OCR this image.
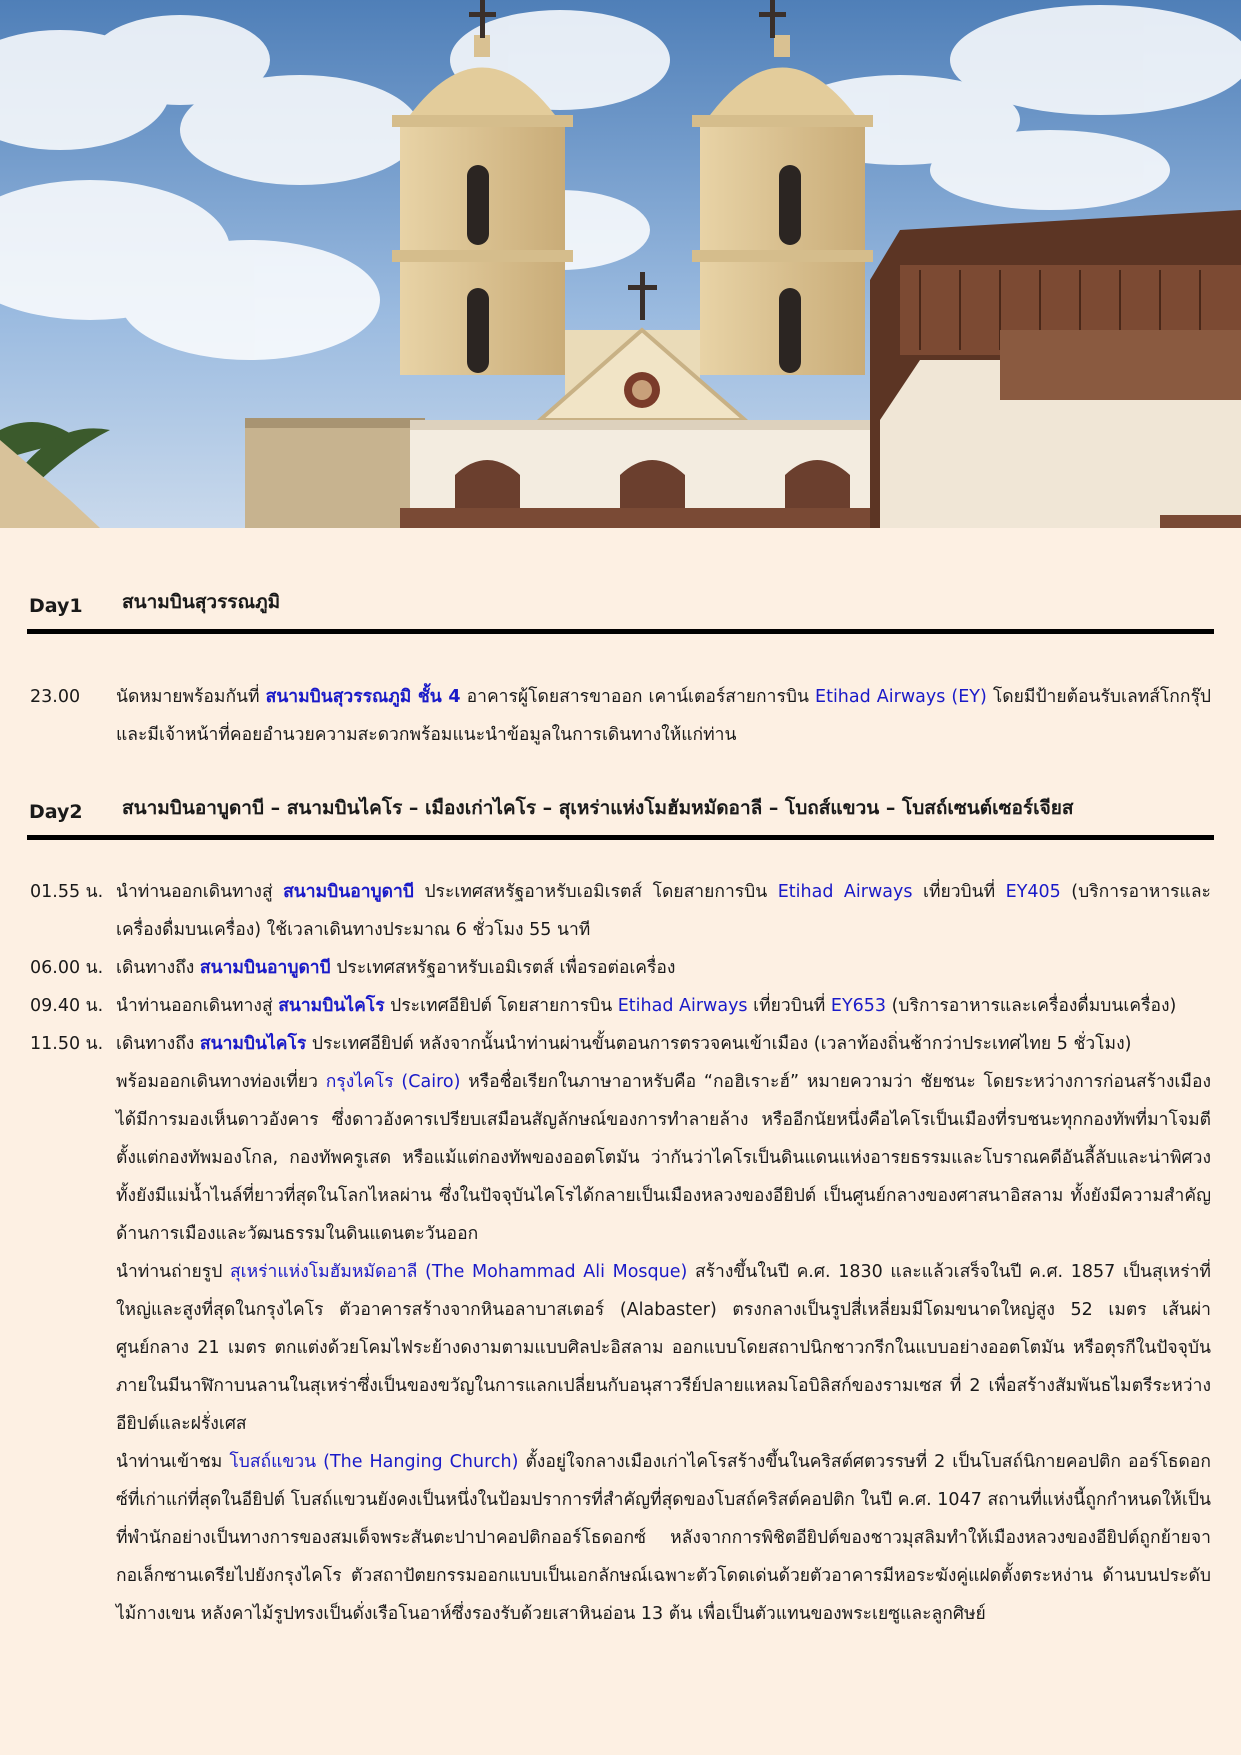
Day1 สนามบินสุวรรณภูมิ
23.00 นัดหมายพร้อมกันที่ สนามบินสุวรรณภูมิ ชั้น 4 อาคารผู้โดยสารขาออก เคาน์เตอร์สายการบิน Etihad Airways (EY) โดยมีป้ายต้อนรับเลทส์โกกรุ๊ป และมีเจ้าหน้าที่คอยอำนวยความสะดวกพร้อมแนะนำข้อมูลในการเดินทางให้แก่ท่าน
Day2 สนามบินอาบูดาบี – สนามบินไคโร – เมืองเก่าไคโร – สุเหร่าแห่งโมฮัมหมัดอาลี – โบถส์แขวน – โบสถ์เซนต์เซอร์เจียส
01.55 น. นำท่านออกเดินทางสู่ สนามบินอาบูดาบี ประเทศสหรัฐอาหรับเอมิเรตส์ โดยสายการบิน Etihad Airways เที่ยวบินที่ EY405 (บริการอาหารและเครื่องดื่มบนเครื่อง) ใช้เวลาเดินทางประมาณ 6 ชั่วโมง 55 นาที
06.00 น. เดินทางถึง สนามบินอาบูดาบี ประเทศสหรัฐอาหรับเอมิเรตส์ เพื่อรอต่อเครื่อง
09.40 น. นำท่านออกเดินทางสู่ สนามบินไคโร ประเทศอียิปต์ โดยสายการบิน Etihad Airways เที่ยวบินที่ EY653 (บริการอาหารและเครื่องดื่มบนเครื่อง)
11.50 น. เดินทางถึง สนามบินไคโร ประเทศอียิปต์ หลังจากนั้นนำท่านผ่านขั้นตอนการตรวจคนเข้าเมือง (เวลาท้องถิ่นช้ากว่าประเทศไทย 5 ชั่วโมง)
พร้อมออกเดินทางท่องเที่ยว กรุงไคโร (Cairo) หรือชื่อเรียกในภาษาอาหรับคือ “กอฮิเราะฮ์” หมายความว่า ชัยชนะ โดยระหว่างการก่อนสร้างเมืองได้มีการมองเห็นดาวอังคาร ซึ่งดาวอังคารเปรียบเสมือนสัญลักษณ์ของการทำลายล้าง หรืออีกนัยหนึ่งคือไคโรเป็นเมืองที่รบชนะทุกกองทัพที่มาโจมตีตั้งแต่กองทัพมองโกล, กองทัพครูเสด หรือแม้แต่กองทัพของออตโตมัน ว่ากันว่าไคโรเป็นดินแดนแห่งอารยธรรมและโบราณคดีอันลี้ลับและน่าพิศวง ทั้งยังมีแม่น้ำไนล์ที่ยาวที่สุดในโลกไหลผ่าน ซึ่งในปัจจุบันไคโรได้กลายเป็นเมืองหลวงของอียิปต์ เป็นศูนย์กลางของศาสนาอิสลาม ทั้งยังมีความสำคัญด้านการเมืองและวัฒนธรรมในดินแดนตะวันออก
นำท่านถ่ายรูป สุเหร่าแห่งโมฮัมหมัดอาลี (The Mohammad Ali Mosque) สร้างขึ้นในปี ค.ศ. 1830 และแล้วเสร็จในปี ค.ศ. 1857 เป็นสุเหร่าที่ใหญ่และสูงที่สุดในกรุงไคโร ตัวอาคารสร้างจากหินอลาบาสเตอร์ (Alabaster) ตรงกลางเป็นรูปสี่เหลี่ยมมีโดมขนาดใหญ่สูง 52 เมตร เส้นผ่าศูนย์กลาง 21 เมตร ตกแต่งด้วยโคมไฟระย้างดงามตามแบบศิลปะอิสลาม ออกแบบโดยสถาปนิกชาวกรีกในแบบอย่างออตโตมัน หรือตุรกีในปัจจุบัน ภายในมีนาฬิกาบนลานในสุเหร่าซึ่งเป็นของขวัญในการแลกเปลี่ยนกับอนุสาวรีย์ปลายแหลมโอบิลิสก์ของรามเซส ที่ 2 เพื่อสร้างสัมพันธไมตรีระหว่างอียิปต์และฝรั่งเศส
นำท่านเข้าชม โบสถ์แขวน (The Hanging Church) ตั้งอยู่ใจกลางเมืองเก่าไคโรสร้างขึ้นในคริสต์ศตวรรษที่ 2 เป็นโบสถ์นิกายคอปติก ออร์โธดอกซ์ที่เก่าแก่ที่สุดในอียิปต์ โบสถ์แขวนยังคงเป็นหนึ่งในป้อมปราการที่สำคัญที่สุดของโบสถ์คริสต์คอปติก ในปี ค.ศ. 1047 สถานที่แห่งนี้ถูกกำหนดให้เป็นที่พำนักอย่างเป็นทางการของสมเด็จพระสันตะปาปาคอปติกออร์โธดอกซ์ หลังจากการพิชิตอียิปต์ของชาวมุสลิมทำให้เมืองหลวงของอียิปต์ถูกย้ายจากอเล็กซานเดรียไปยังกรุงไคโร ตัวสถาปัตยกรรมออกแบบเป็นเอกลักษณ์เฉพาะตัวโดดเด่นด้วยตัวอาคารมีหอระฆังคู่แฝดตั้งตระหง่าน ด้านบนประดับไม้กางเขน หลังคาไม้รูปทรงเป็นดั่งเรือโนอาห์ซึ่งรองรับด้วยเสาหินอ่อน 13 ต้น เพื่อเป็นตัวแทนของพระเยซูและลูกศิษย์
